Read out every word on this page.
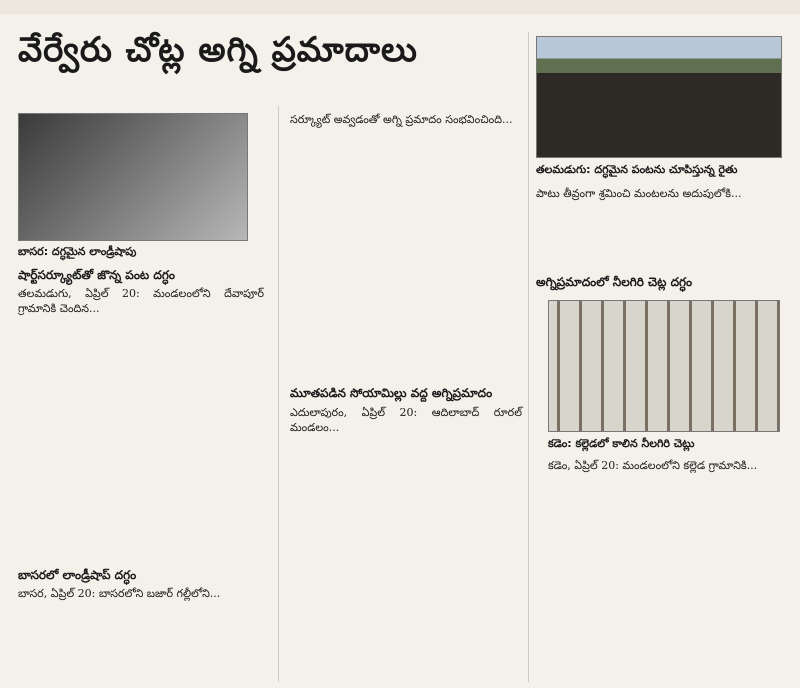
వేర్వేరు చోట్ల అగ్ని ప్రమాదాలు
బాసర: దగ్ధమైన లాండ్రీషాపు
తలమడుగు: దగ్ధమైన పంటను చూపిస్తున్న రైతు
కడెం: కల్లెడలో కాలిన నీలగిరి చెట్లు
షార్ట్‌సర్క్యూట్‌తో జొన్న పంట దగ్ధం
మూతపడిన సోయామిల్లు వద్ద అగ్నిప్రమాదం
అగ్నిప్రమాదంలో నీలగిరి చెట్ల దగ్ధం
బాసరలో లాండ్రీషాప్ దగ్ధం
తలమడుగు, ఏప్రిల్ 20: మండలంలోని దేవాపూర్ గ్రామానికి చెందిన...
బాసర, ఏప్రిల్ 20: బాసరలోని బజార్ గల్లీలోని...
సర్క్యూట్ అవ్వడంతో అగ్ని ప్రమాదం సంభవించింది...
ఎదులాపురం, ఏప్రిల్ 20: ఆదిలాబాద్ రూరల్ మండలం...
పాటు తీవ్రంగా శ్రమించి మంటలను అదుపులోకి...
కడెం, ఏప్రిల్ 20: మండలంలోని కల్లెడ గ్రామానికి...
